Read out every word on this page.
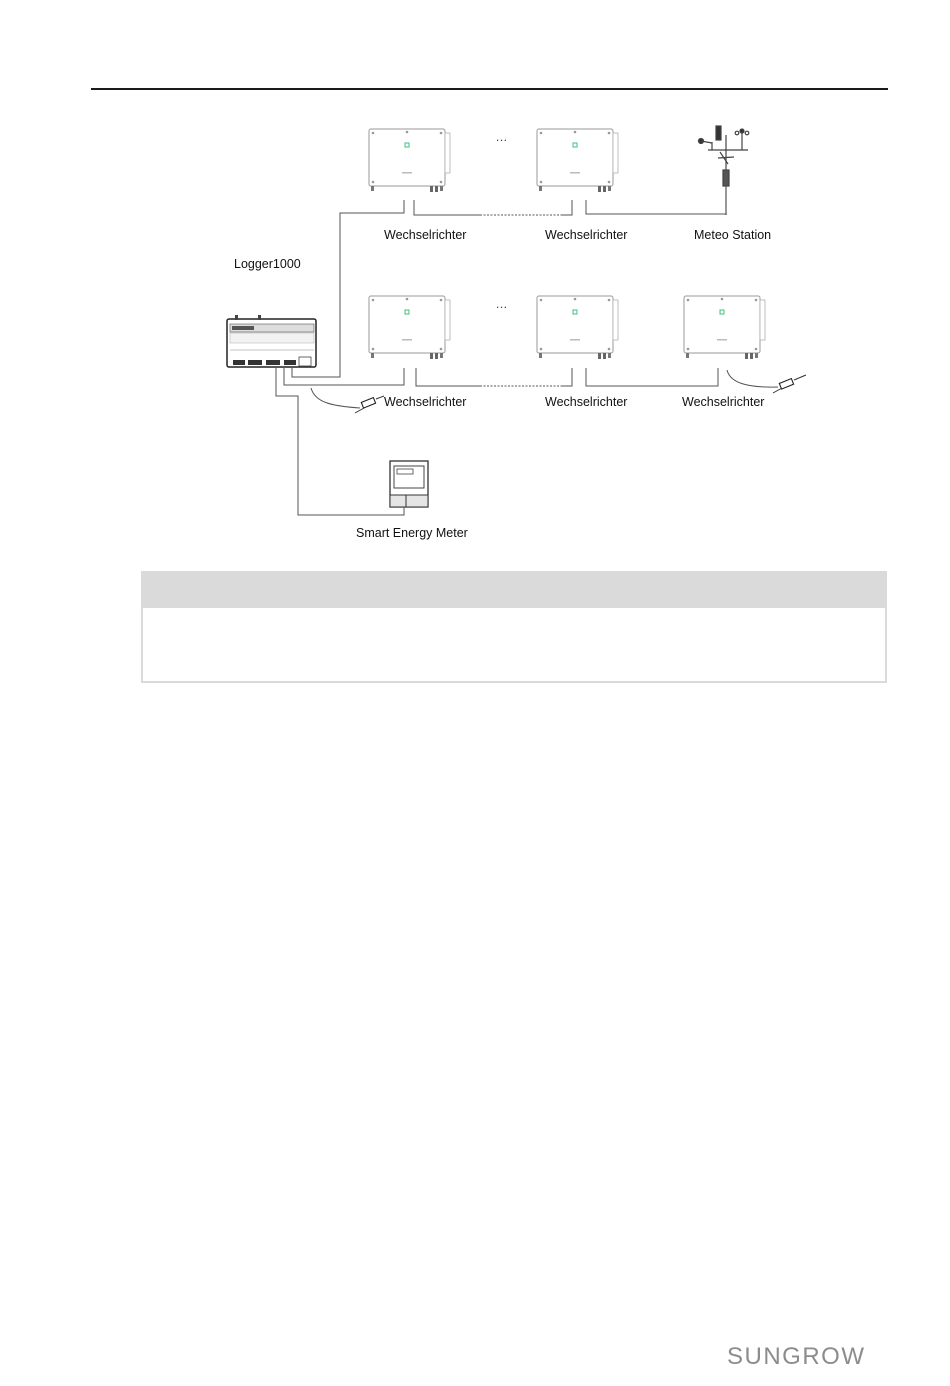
Wechselrichter	Wechselrichter	Meteo Station
Logger1000
Wechselrichter	Wechselrichter	Wechselrichter
Smart Energy Meter
...
...
SUNGROW
